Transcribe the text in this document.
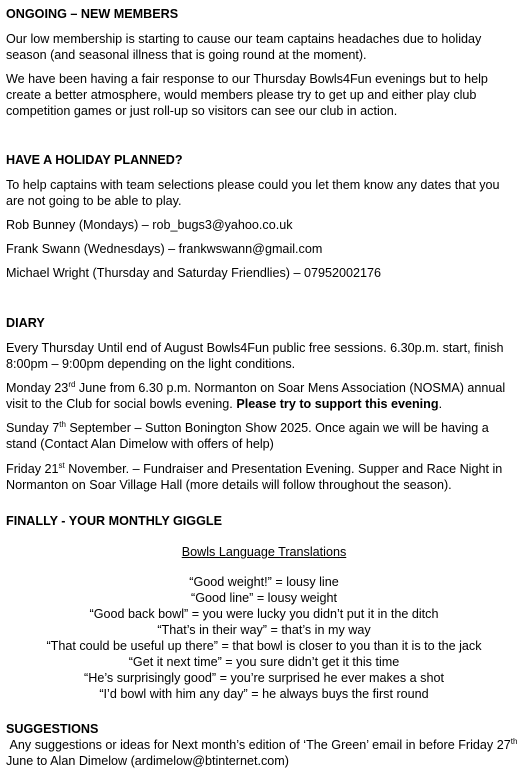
ONGOING – NEW MEMBERS

Our low membership is starting to cause our team captains headaches due to holiday season (and seasonal illness that is going round at the moment).

We have been having a fair response to our Thursday Bowls4Fun evenings but to help create a better atmosphere, would members please try to get up and either play club competition games or just roll-up so visitors can see our club in action.

HAVE A HOLIDAY PLANNED?

To help captains with team selections please could you let them know any dates that you are not going to be able to play.

Rob Bunney (Mondays) – rob_bugs3@yahoo.co.uk

Frank Swann (Wednesdays) – frankwswann@gmail.com

Michael Wright (Thursday and Saturday Friendlies) – 07952002176

DIARY

Every Thursday Until end of August Bowls4Fun public free sessions. 6.30p.m. start, finish 8:00pm – 9:00pm depending on the light conditions.

Monday 23rd June from 6.30 p.m. Normanton on Soar Mens Association (NOSMA) annual visit to the Club for social bowls evening. Please try to support this evening.

Sunday 7th September – Sutton Bonington Show 2025. Once again we will be having a stand (Contact Alan Dimelow with offers of help)

Friday 21st November. – Fundraiser and Presentation Evening. Supper and Race Night in Normanton on Soar Village Hall (more details will follow throughout the season).

FINALLY - YOUR MONTHLY GIGGLE

Bowls Language Translations

“Good weight!” = lousy line

“Good line” = lousy weight

“Good back bowl” = you were lucky you didn’t put it in the ditch

“That’s in their way” = that’s in my way

“That could be useful up there” = that bowl is closer to you than it is to the jack

“Get it next time” = you sure didn’t get it this time

“He’s surprisingly good” = you’re surprised he ever makes a shot

“I’d bowl with him any day” = he always buys the first round

SUGGESTIONS

Any suggestions or ideas for Next month’s edition of ‘The Green’ email in before Friday 27th June to Alan Dimelow (ardimelow@btinternet.com)
